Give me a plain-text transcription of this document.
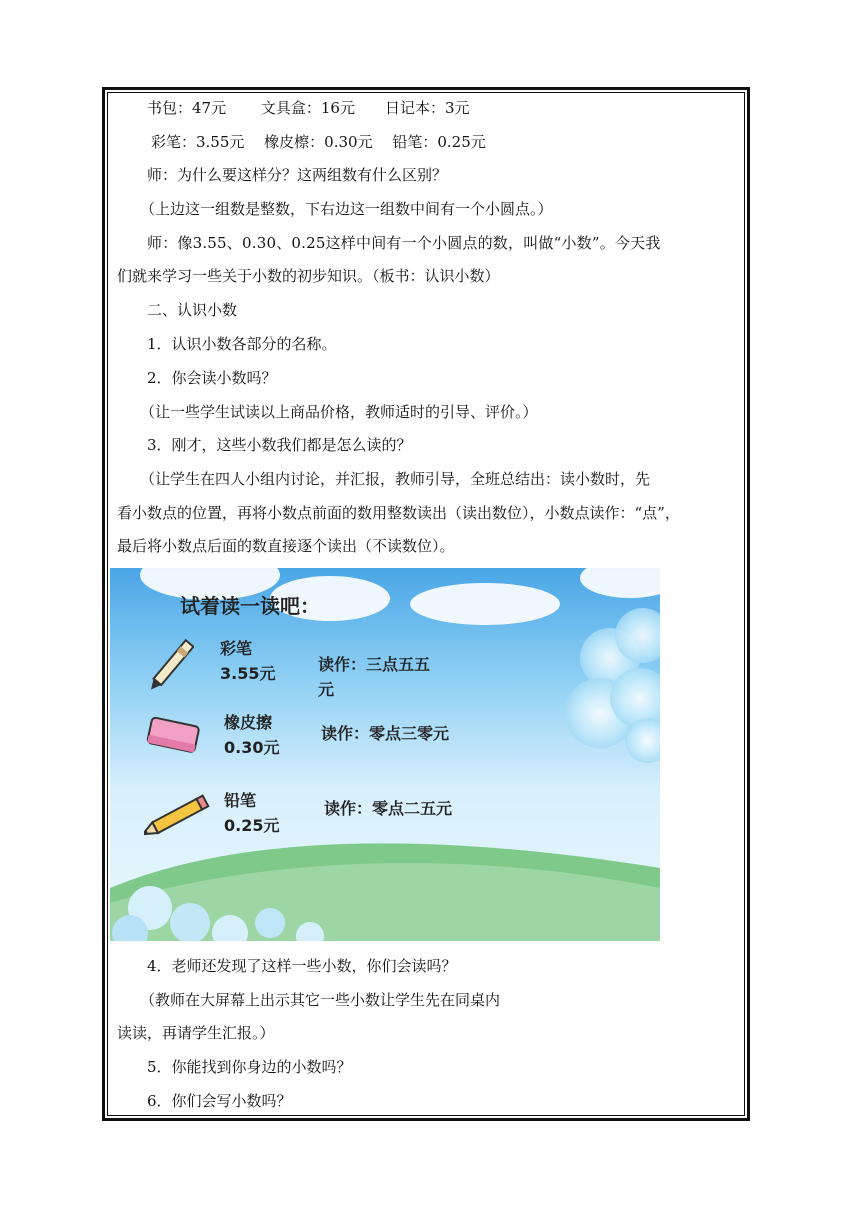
书包：47元　　 文具盒：16元　　日记本：3元
彩笔：3.55元　 橡皮檫：0.30元　 铅笔：0.25元
师：为什么要这样分？这两组数有什么区别？
（上边这一组数是整数，下右边这一组数中间有一个小圆点。）
师：像3.55、0.30、0.25这样中间有一个小圆点的数，叫做“小数”。今天我
们就来学习一些关于小数的初步知识。（板书：认识小数）
二、认识小数
1．认识小数各部分的名称。
2．你会读小数吗？
（让一些学生试读以上商品价格，教师适时的引导、评价。）
3．刚才，这些小数我们都是怎么读的？
（让学生在四人小组内讨论，并汇报，教师引导，全班总结出：读小数时，先
看小数点的位置，再将小数点前面的数用整数读出（读出数位），小数点读作：“点”，
最后将小数点后面的数直接逐个读出（不读数位）。
试着读一读吧：
彩笔
3.55元	读作：三点五五
元
橡皮擦
0.30元
读作：零点三零元
铅笔
0.25元
读作：零点二五元
4．老师还发现了这样一些小数，你们会读吗？
（教师在大屏幕上出示其它一些小数让学生先在同桌内
读读，再请学生汇报。）
5．你能找到你身边的小数吗？
6．你们会写小数吗？
